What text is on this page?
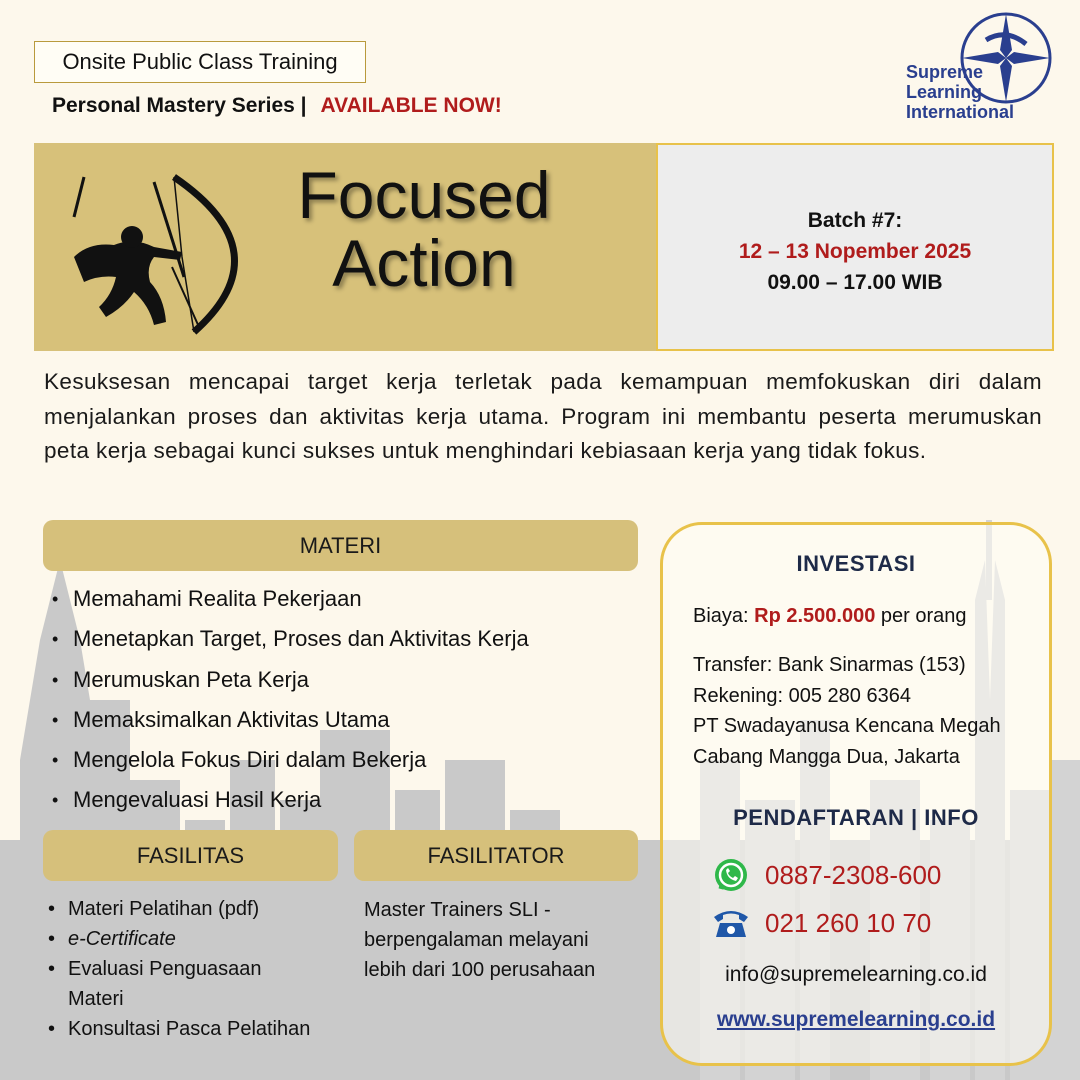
Onsite Public Class Training
Personal Mastery Series | AVAILABLE NOW!
Supreme
Learning
International
Focused
Action
Batch #7:
12 – 13 Nopember 2025
09.00 – 17.00 WIB
Kesuksesan mencapai target kerja terletak pada kemampuan memfokuskan diri dalam menjalankan proses dan aktivitas kerja utama. Program ini membantu peserta merumuskan peta kerja sebagai kunci sukses untuk menghindari kebiasaan kerja yang tidak fokus.
MATERI
• Memahami Realita Pekerjaan
• Menetapkan Target, Proses dan Aktivitas Kerja
• Merumuskan Peta Kerja
• Memaksimalkan Aktivitas Utama
• Mengelola Fokus Diri dalam Bekerja
• Mengevaluasi Hasil Kerja
FASILITAS	FASILITATOR
• Materi Pelatihan (pdf)
• e-Certificate
• Evaluasi Penguasaan Materi
• Konsultasi Pasca Pelatihan
Master Trainers SLI - berpengalaman melayani lebih dari 100 perusahaan
INVESTASI
Biaya: Rp 2.500.000 per orang
Transfer: Bank Sinarmas (153)
Rekening: 005 280 6364
PT Swadayanusa Kencana Megah
Cabang Mangga Dua, Jakarta
PENDAFTARAN | INFO
0887-2308-600
021 260 10 70
info@supremelearning.co.id
www.supremelearning.co.id
